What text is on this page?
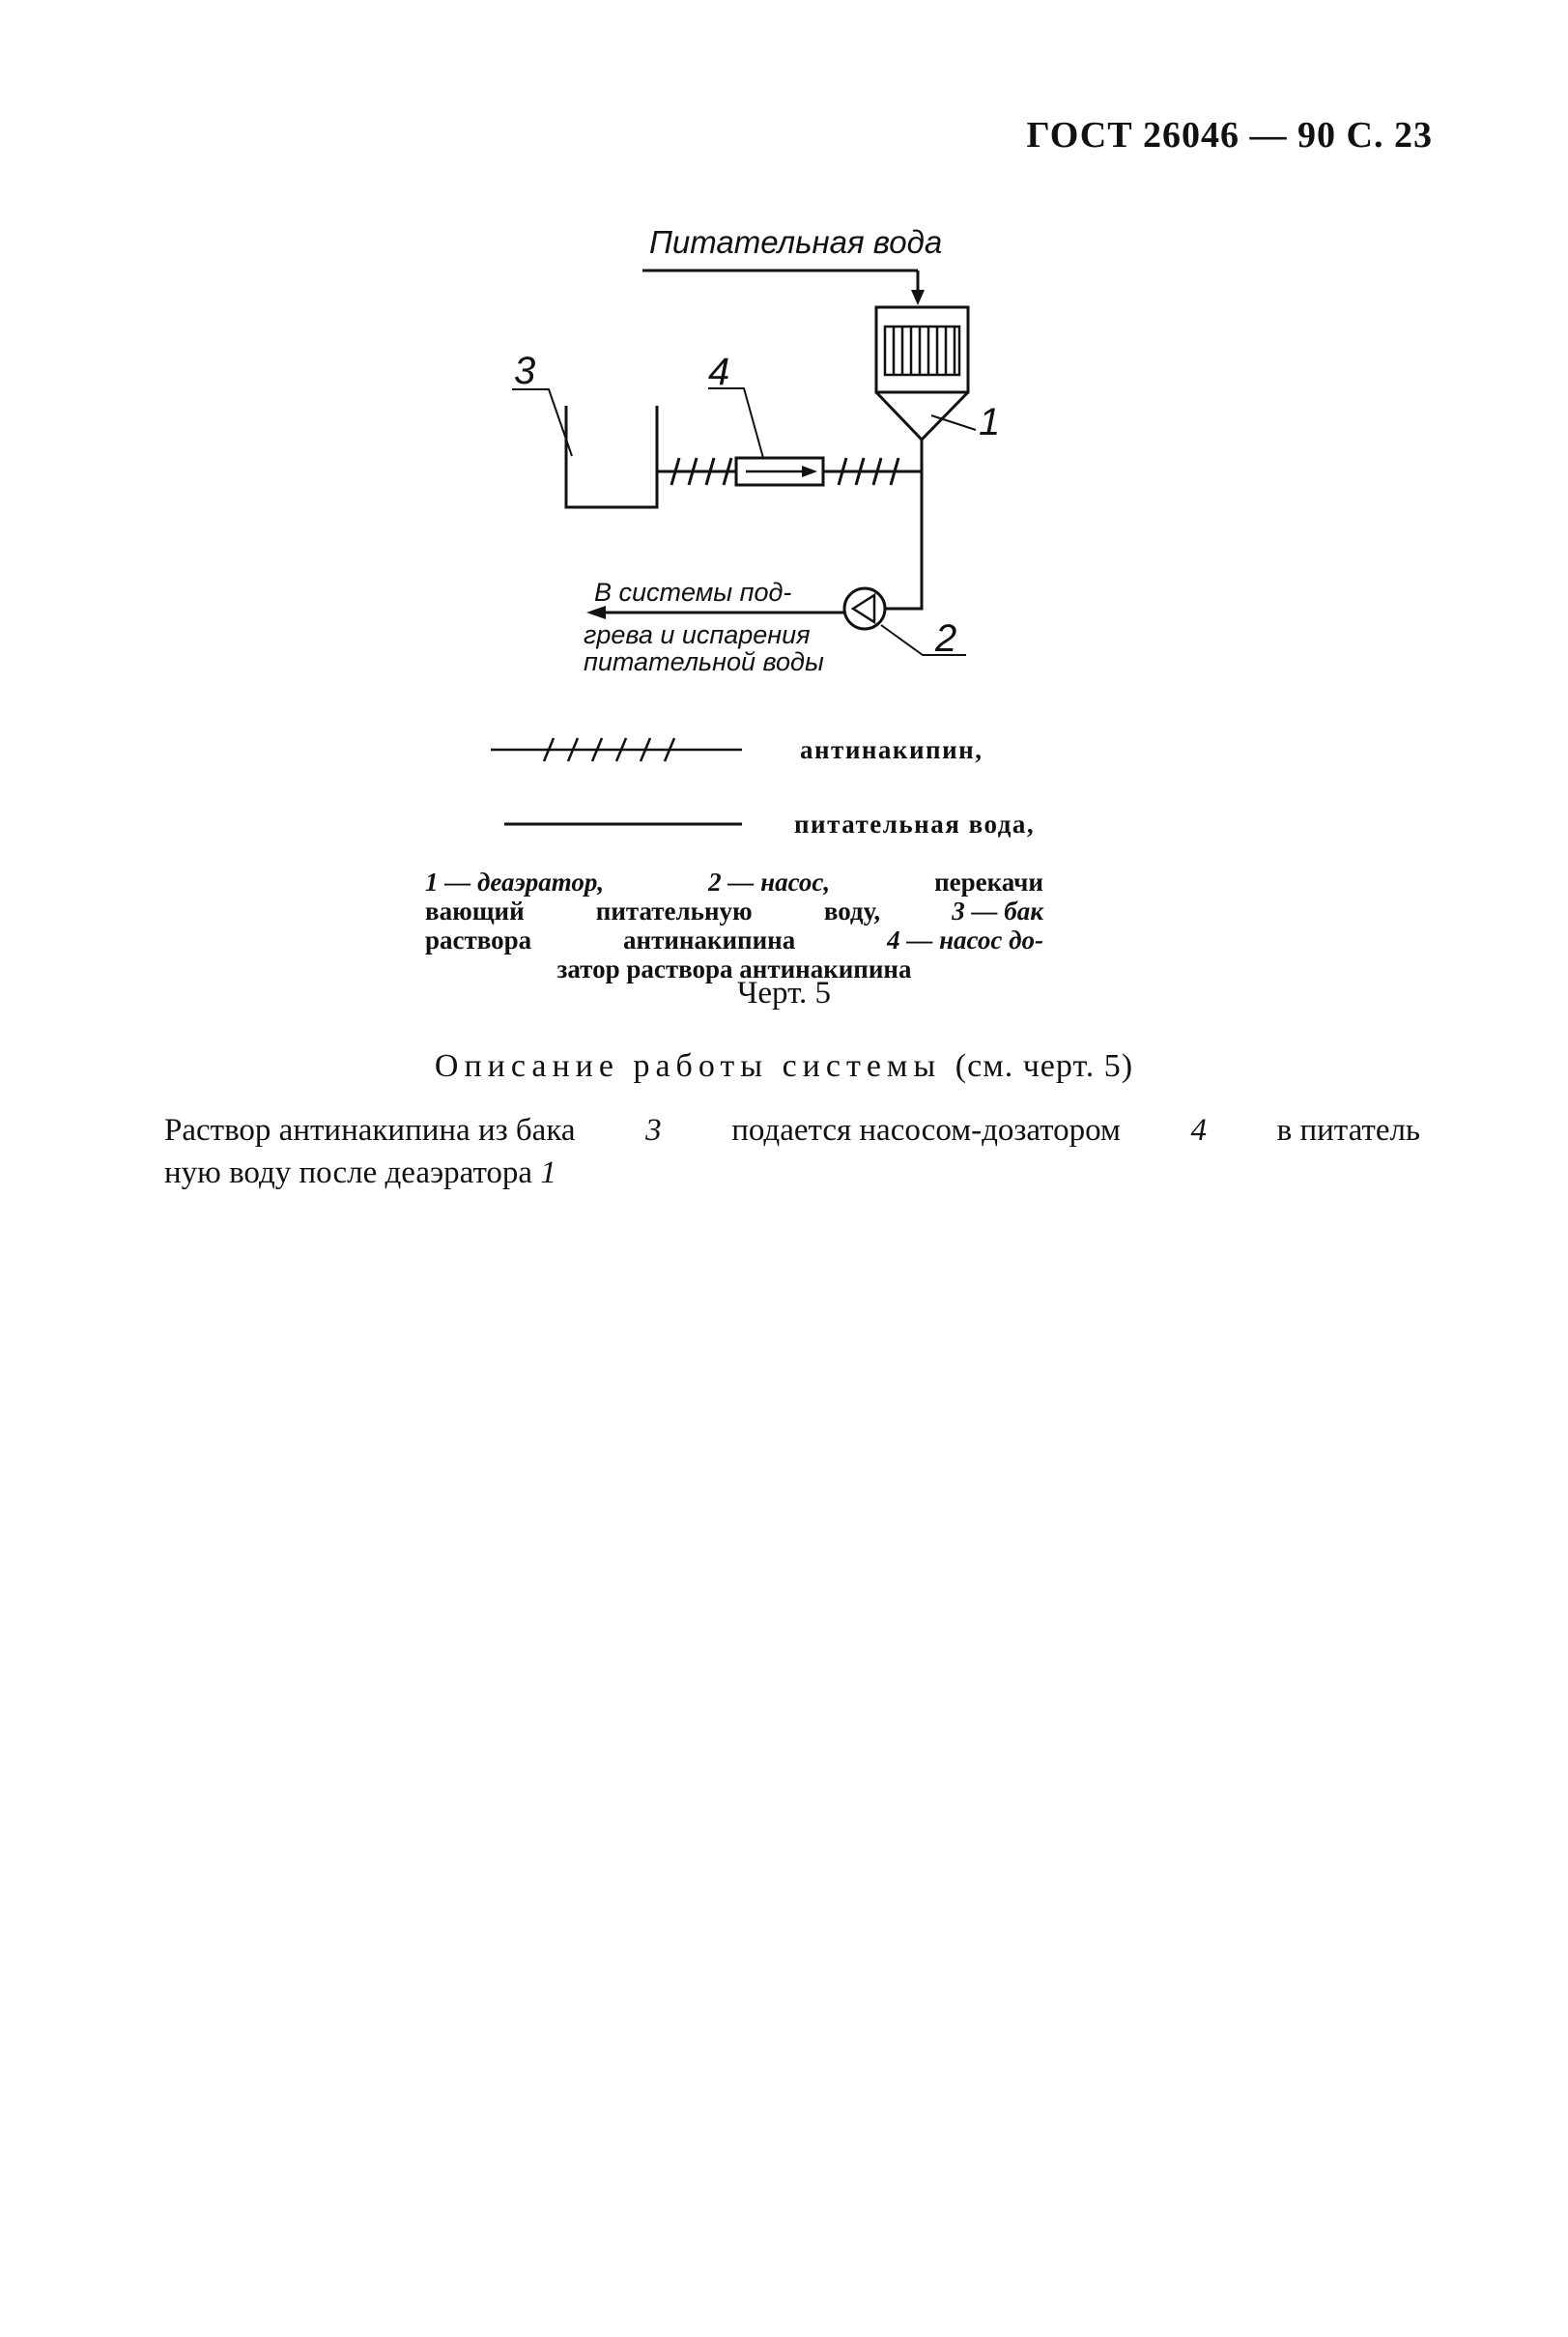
ГОСТ 26046 — 90 С. 23
Питательная вода
1
3	4
2
В системы под-
грева и испарения
питательной воды
антинакипин,
питательная вода,
1 — деаэратор,	2 — насос,	перекачи
вающий	питательную	воду,	3 — бак
раствора	антинакипина	4 — насос до-
затор раствора антинакипина
Черт. 5
Описание работы системы (см. черт. 5)
Раствор антинакипина из бака 3 подается насосом-дозатором 4 в питатель
ную воду после деаэратора 1
